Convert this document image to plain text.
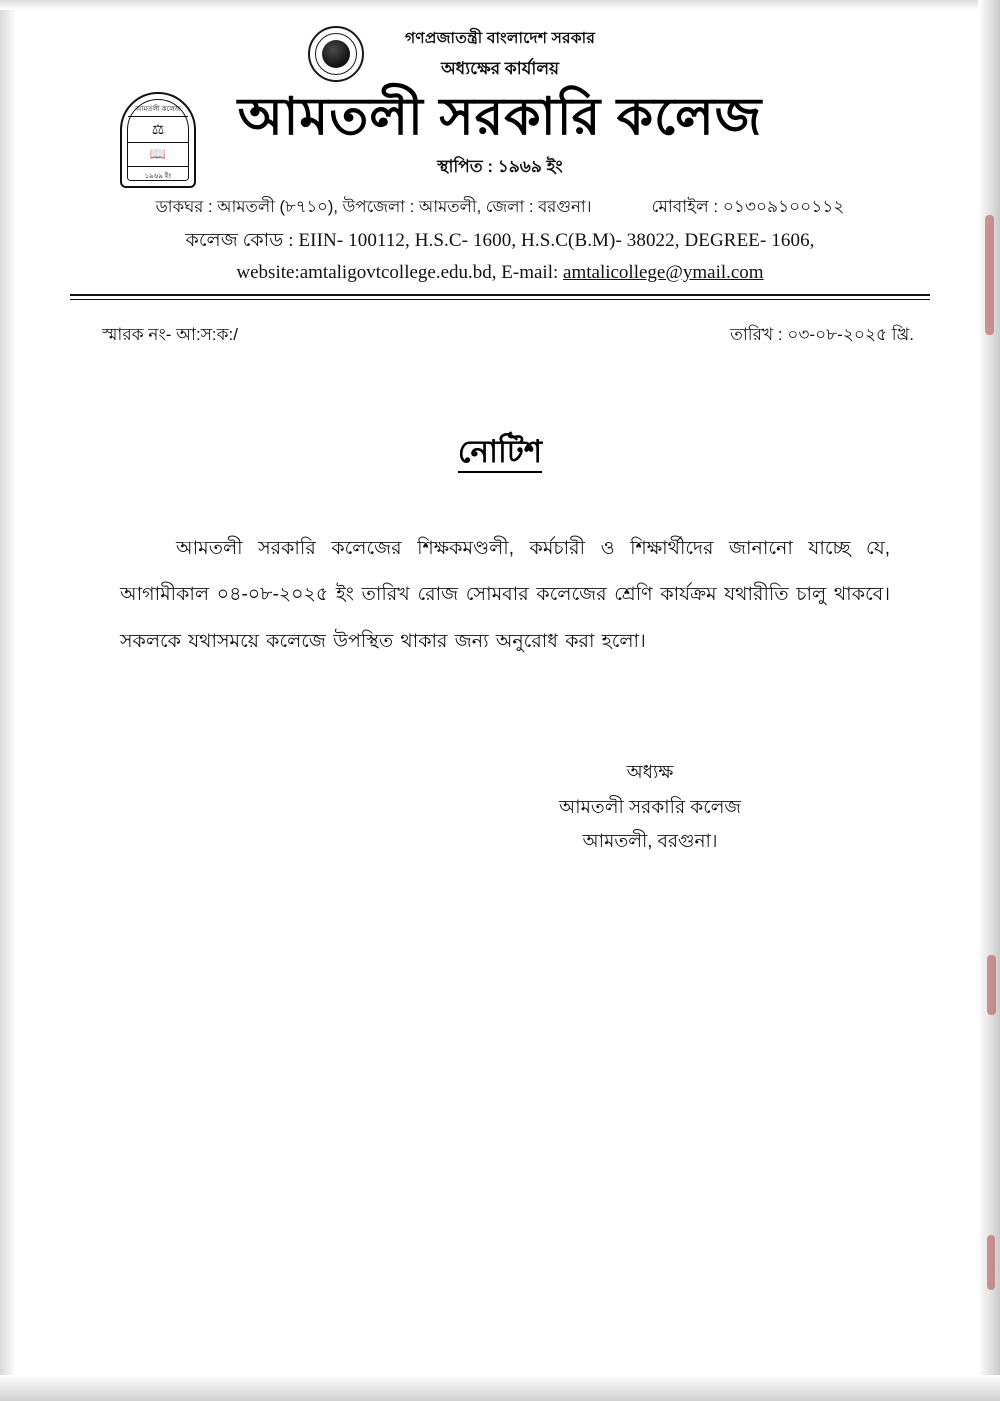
আমতলী কলেজ
⚖
📖
১৯৬৯ ইং
গণপ্রজাতন্ত্রী বাংলাদেশ সরকার
অধ্যক্ষের কার্যালয়
আমতলী সরকারি কলেজ
স্থাপিত : ১৯৬৯ ইং
ডাকঘর : আমতলী (৮৭১০), উপজেলা : আমতলী, জেলা : বরগুনা।	মোবাইল : ০১৩০৯১০০১১২
কলেজ কোড : EIIN- 100112, H.S.C- 1600, H.S.C(B.M)- 38022, DEGREE- 1606,
website:amtaligovtcollege.edu.bd, E-mail: amtalicollege@ymail.com
স্মারক নং- আ:স:ক:/	তারিখ : ০৩-০৮-২০২৫ খ্রি.
নোটিশ
আমতলী সরকারি কলেজের শিক্ষকমণ্ডলী, কর্মচারী ও শিক্ষার্থীদের জানানো যাচ্ছে যে, আগামীকাল ০৪-০৮-২০২৫ ইং তারিখ রোজ সোমবার কলেজের শ্রেণি কার্যক্রম যথারীতি চালু থাকবে। সকলকে যথাসময়ে কলেজে উপস্থিত থাকার জন্য অনুরোধ করা হলো।
অধ্যক্ষ
আমতলী সরকারি কলেজ
আমতলী, বরগুনা।
